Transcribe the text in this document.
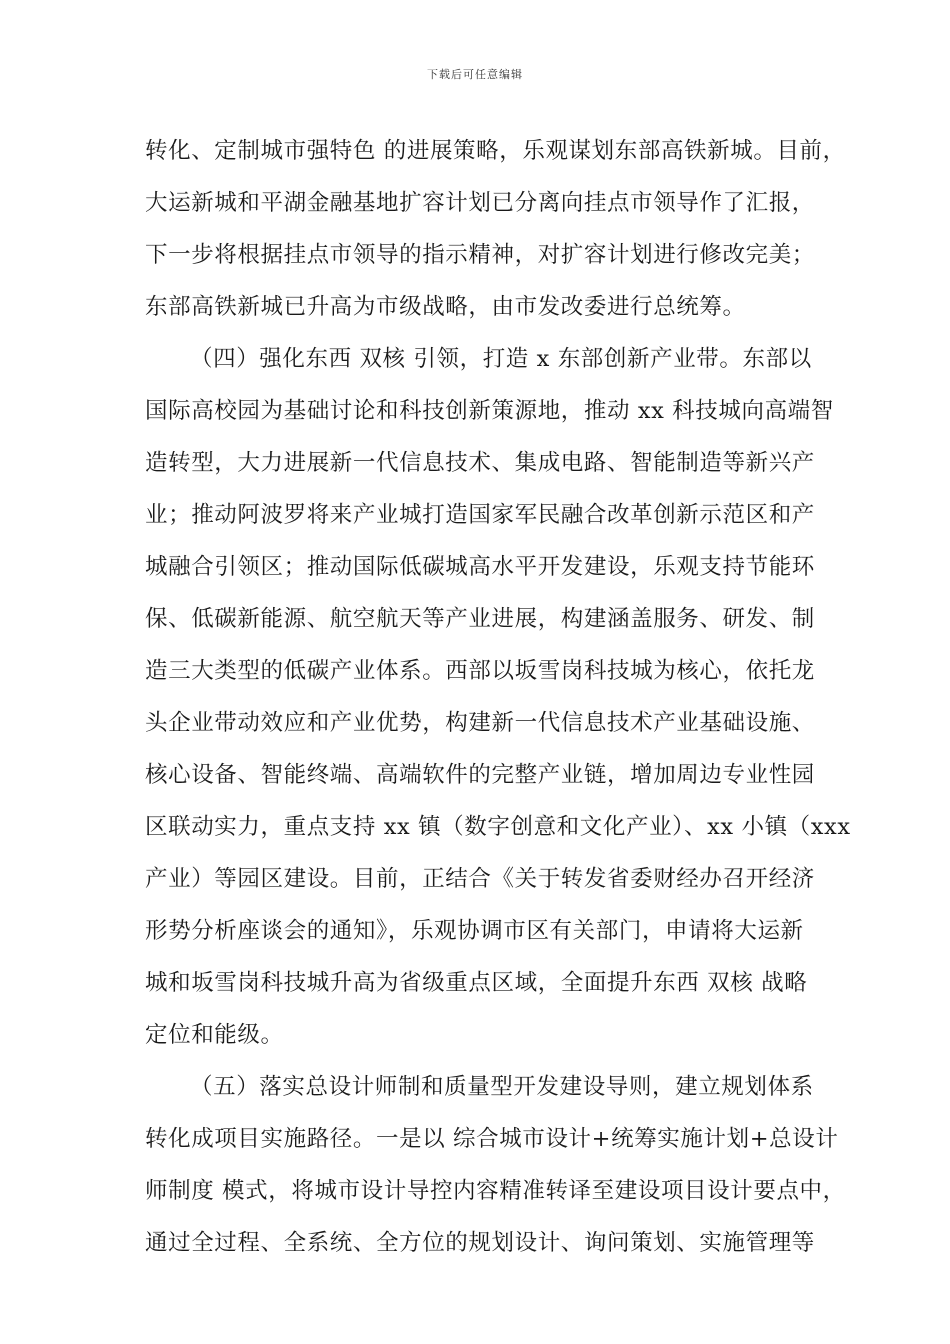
下载后可任意编辑
转化、定制城市强特色 的进展策略，乐观谋划东部高铁新城。目前，
大运新城和平湖金融基地扩容计划已分离向挂点市领导作了汇报，
下一步将根据挂点市领导的指示精神，对扩容计划进行修改完美；
东部高铁新城已升高为市级战略，由市发改委进行总统筹。
（四）强化东西 双核 引领，打造 x 东部创新产业带。东部以
国际高校园为基础讨论和科技创新策源地，推动 xx 科技城向高端智
造转型，大力进展新一代信息技术、集成电路、智能制造等新兴产
业；推动阿波罗将来产业城打造国家军民融合改革创新示范区和产
城融合引领区；推动国际低碳城高水平开发建设，乐观支持节能环
保、低碳新能源、航空航天等产业进展，构建涵盖服务、研发、制
造三大类型的低碳产业体系。西部以坂雪岗科技城为核心，依托龙
头企业带动效应和产业优势，构建新一代信息技术产业基础设施、
核心设备、智能终端、高端软件的完整产业链，增加周边专业性园
区联动实力，重点支持 xx 镇（数字创意和文化产业）、xx 小镇（xxx
产业）等园区建设。目前，正结合《关于转发省委财经办召开经济
形势分析座谈会的通知》，乐观协调市区有关部门，申请将大运新
城和坂雪岗科技城升高为省级重点区域，全面提升东西 双核 战略
定位和能级。
（五）落实总设计师制和质量型开发建设导则，建立规划体系
转化成项目实施路径。一是以 综合城市设计+统筹实施计划+总设计
师制度 模式，将城市设计导控内容精准转译至建设项目设计要点中，
通过全过程、全系统、全方位的规划设计、询问策划、实施管理等
